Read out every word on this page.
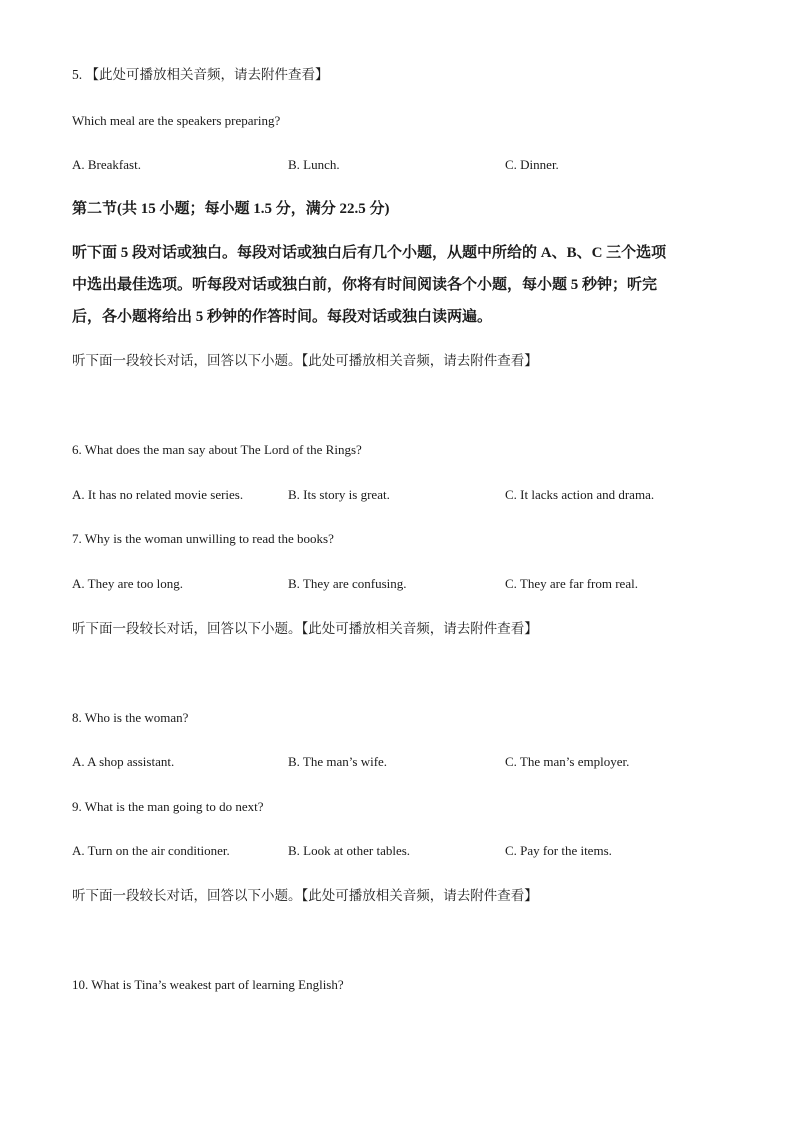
5. 【此处可播放相关音频，请去附件查看】
Which meal are the speakers preparing?
A. Breakfast.	B. Lunch.	C. Dinner.
第二节(共 15 小题；每小题 1.5 分，满分 22.5 分)
听下面 5 段对话或独白。每段对话或独白后有几个小题，从题中所给的 A、B、C 三个选项
中选出最佳选项。听每段对话或独白前，你将有时间阅读各个小题，每小题 5 秒钟；听完
后，各小题将给出 5 秒钟的作答时间。每段对话或独白读两遍。
听下面一段较长对话，回答以下小题。【此处可播放相关音频，请去附件查看】
6. What does the man say about The Lord of the Rings?
A. It has no related movie series.	B. Its story is great.	C. It lacks action and drama.
7. Why is the woman unwilling to read the books?
A. They are too long.	B. They are confusing.	C. They are far from real.
听下面一段较长对话，回答以下小题。【此处可播放相关音频，请去附件查看】
8. Who is the woman?
A. A shop assistant.	B. The man’s wife.	C. The man’s employer.
9. What is the man going to do next?
A. Turn on the air conditioner.	B. Look at other tables.	C. Pay for the items.
听下面一段较长对话，回答以下小题。【此处可播放相关音频，请去附件查看】
10. What is Tina’s weakest part of learning English?
